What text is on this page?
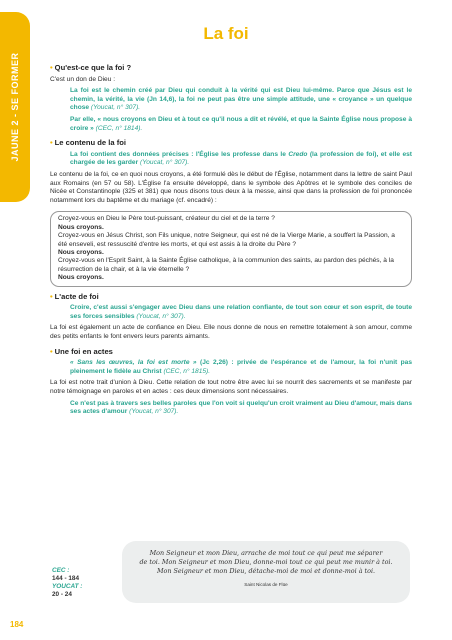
JAUNE 2 - SE FORMER
La foi
• Qu'est-ce que la foi ?

C'est un don de Dieu :

La foi est le chemin créé par Dieu qui conduit à la vérité qui est Dieu lui-même. Parce que Jésus est le chemin, la vérité, la vie (Jn 14,6), la foi ne peut pas être une simple attitude, une « croyance » un quelque chose (Youcat, n° 307).
Par elle, « nous croyons en Dieu et à tout ce qu'il nous a dit et révélé, et que la Sainte Église nous propose à croire » (CEC, n° 1814).
• Le contenu de la foi
La foi contient des données précises : l'Église les professe dans le Credo (la profession de foi), et elle est chargée de les garder (Youcat, n° 307).

Le contenu de la foi, ce en quoi nous croyons, a été formulé dès le début de l'Église, notamment dans la lettre de saint Paul aux Romains (en 57 ou 58). L'Église l'a ensuite développé, dans le symbole des Apôtres et le symbole des conciles de Nicée et Constantinople (325 et 381) que nous disons tous deux à la messe, ainsi que dans la profession de foi prononcée notamment lors du baptême et du mariage (cf. encadré) :

Croyez-vous en Dieu le Père tout-puissant, créateur du ciel et de la terre ?
Nous croyons.
Croyez-vous en Jésus Christ, son Fils unique, notre Seigneur, qui est né de la Vierge Marie, a souffert la Passion, a été enseveli, est ressuscité d'entre les morts, et qui est assis à la droite du Père ?
Nous croyons.
Croyez-vous en l'Esprit Saint, à la Sainte Église catholique, à la communion des saints, au pardon des péchés, à la résurrection de la chair, et à la vie éternelle ?
Nous croyons.
• L'acte de foi
Croire, c'est aussi s'engager avec Dieu dans une relation confiante, de tout son cœur et son esprit, de toute ses forces sensibles (Youcat, n° 307).

La foi est également un acte de confiance en Dieu. Elle nous donne de nous en remettre totalement à son amour, comme des petits enfants le font envers leurs parents aimants.

• Une foi en actes
« Sans les œuvres, la foi est morte » (Jc 2,26) : privée de l'espérance et de l'amour, la foi n'unit pas pleinement le fidèle au Christ (CEC, n° 1815).

La foi est notre trait d'union à Dieu. Cette relation de tout notre être avec lui se nourrit des sacrements et se manifeste par notre témoignage en paroles et en actes : ces deux dimensions sont nécessaires.

Ce n'est pas à travers ses belles paroles que l'on voit si quelqu'un croit vraiment au Dieu d'amour, mais dans ses actes d'amour (Youcat, n° 307).
CEC :
144 - 184
YOUCAT :
20 - 24
Mon Seigneur et mon Dieu, arrache de moi tout ce qui peut me séparer
de toi. Mon Seigneur et mon Dieu, donne-moi tout ce qui peut me munir à toi.
Mon Seigneur et mon Dieu, détache-moi de moi et donne-moi à toi.
Saint Nicolas de Flüe
184
